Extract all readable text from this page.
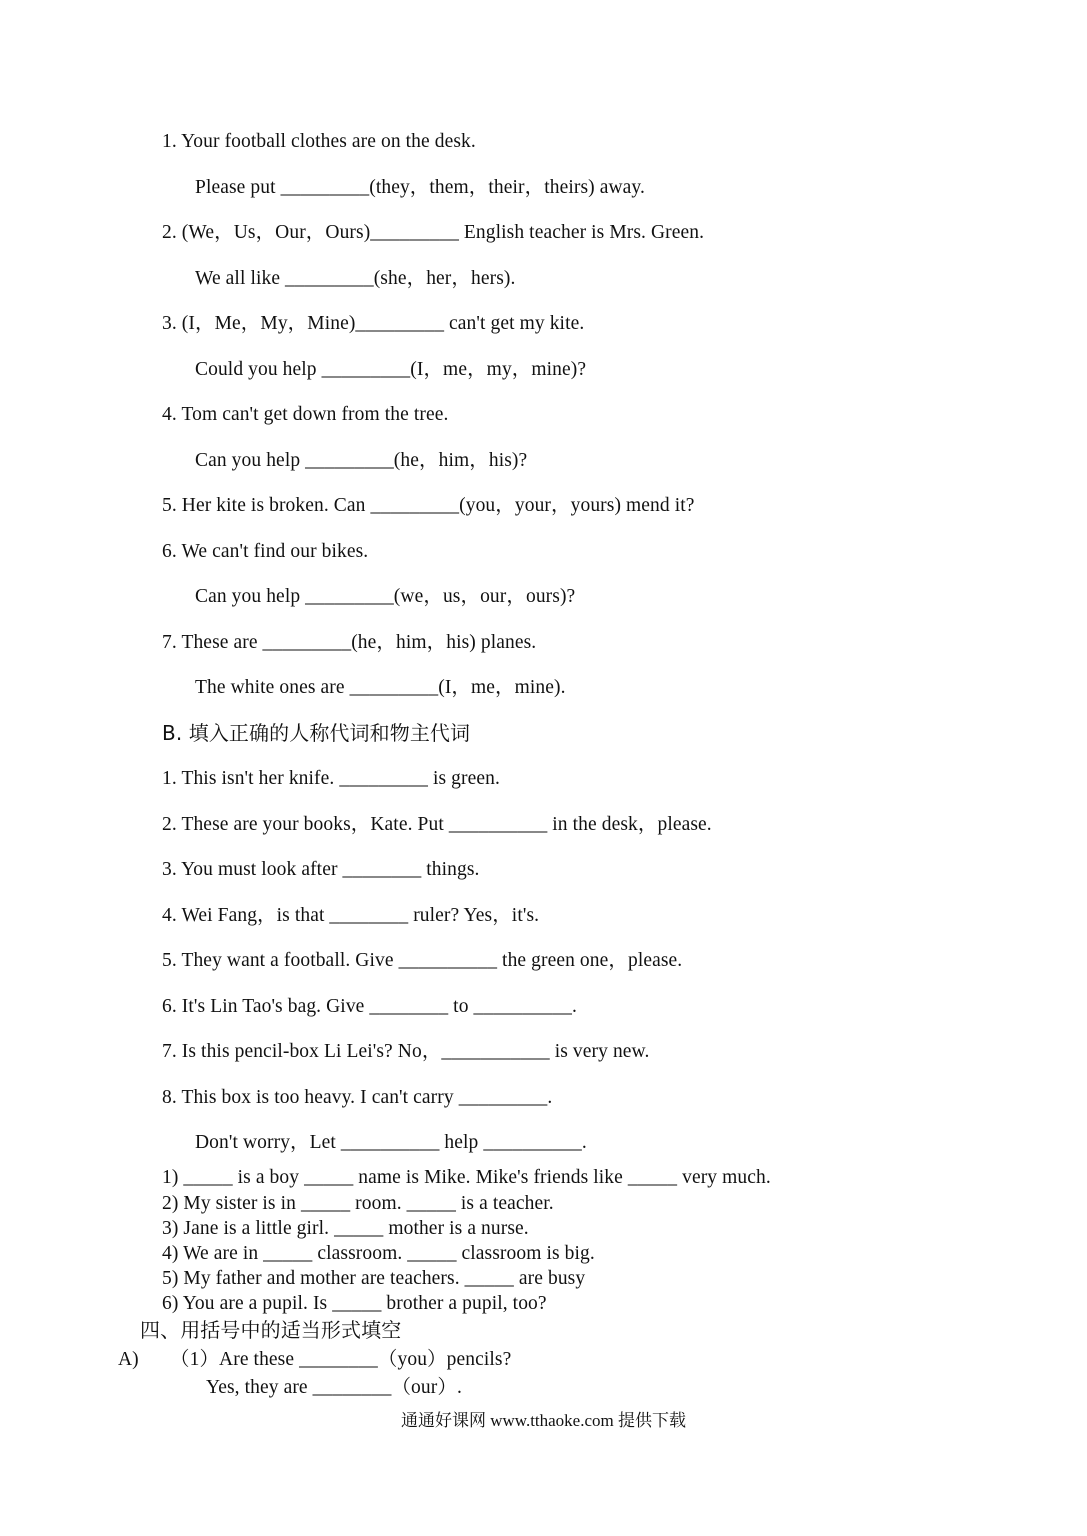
1. Your football clothes are on the desk.
Please put _________(they，them，their，theirs) away.
2. (We，Us，Our，Ours)_________ English teacher is Mrs. Green.
We all like _________(she，her，hers).
3. (I，Me，My，Mine)_________ can't get my kite.
Could you help _________(I，me，my，mine)?
4. Tom can't get down from the tree.
Can you help _________(he，him，his)?
5. Her kite is broken. Can _________(you，your，yours) mend it?
6. We can't find our bikes.
Can you help _________(we，us，our，ours)?
7. These are _________(he，him，his) planes.
The white ones are _________(I，me，mine).
B. 填入正确的人称代词和物主代词
1. This isn't her knife. _________ is green.
2. These are your books，Kate. Put __________ in the desk，please.
3. You must look after ________ things.
4. Wei Fang，is that ________ ruler? Yes，it's.
5. They want a football. Give __________ the green one，please.
6. It's Lin Tao's bag. Give ________ to __________.
7. Is this pencil-box Li Lei's? No，___________ is very new.
8. This box is too heavy. I can't carry _________.
Don't worry，Let __________ help __________.
1) _____ is a boy _____ name is Mike. Mike's friends like _____ very much.
2) My sister is in _____ room. _____ is a teacher.
3) Jane is a little girl. _____ mother is a nurse.
4) We are in _____ classroom. _____ classroom is big.
5) My father and mother are teachers. _____ are busy
6) You are a pupil. Is _____ brother a pupil, too?
四、用括号中的适当形式填空
A) （1）Are these ________（you）pencils?
Yes, they are ________（our）.
通通好课网 www.tthaoke.com 提供下载
